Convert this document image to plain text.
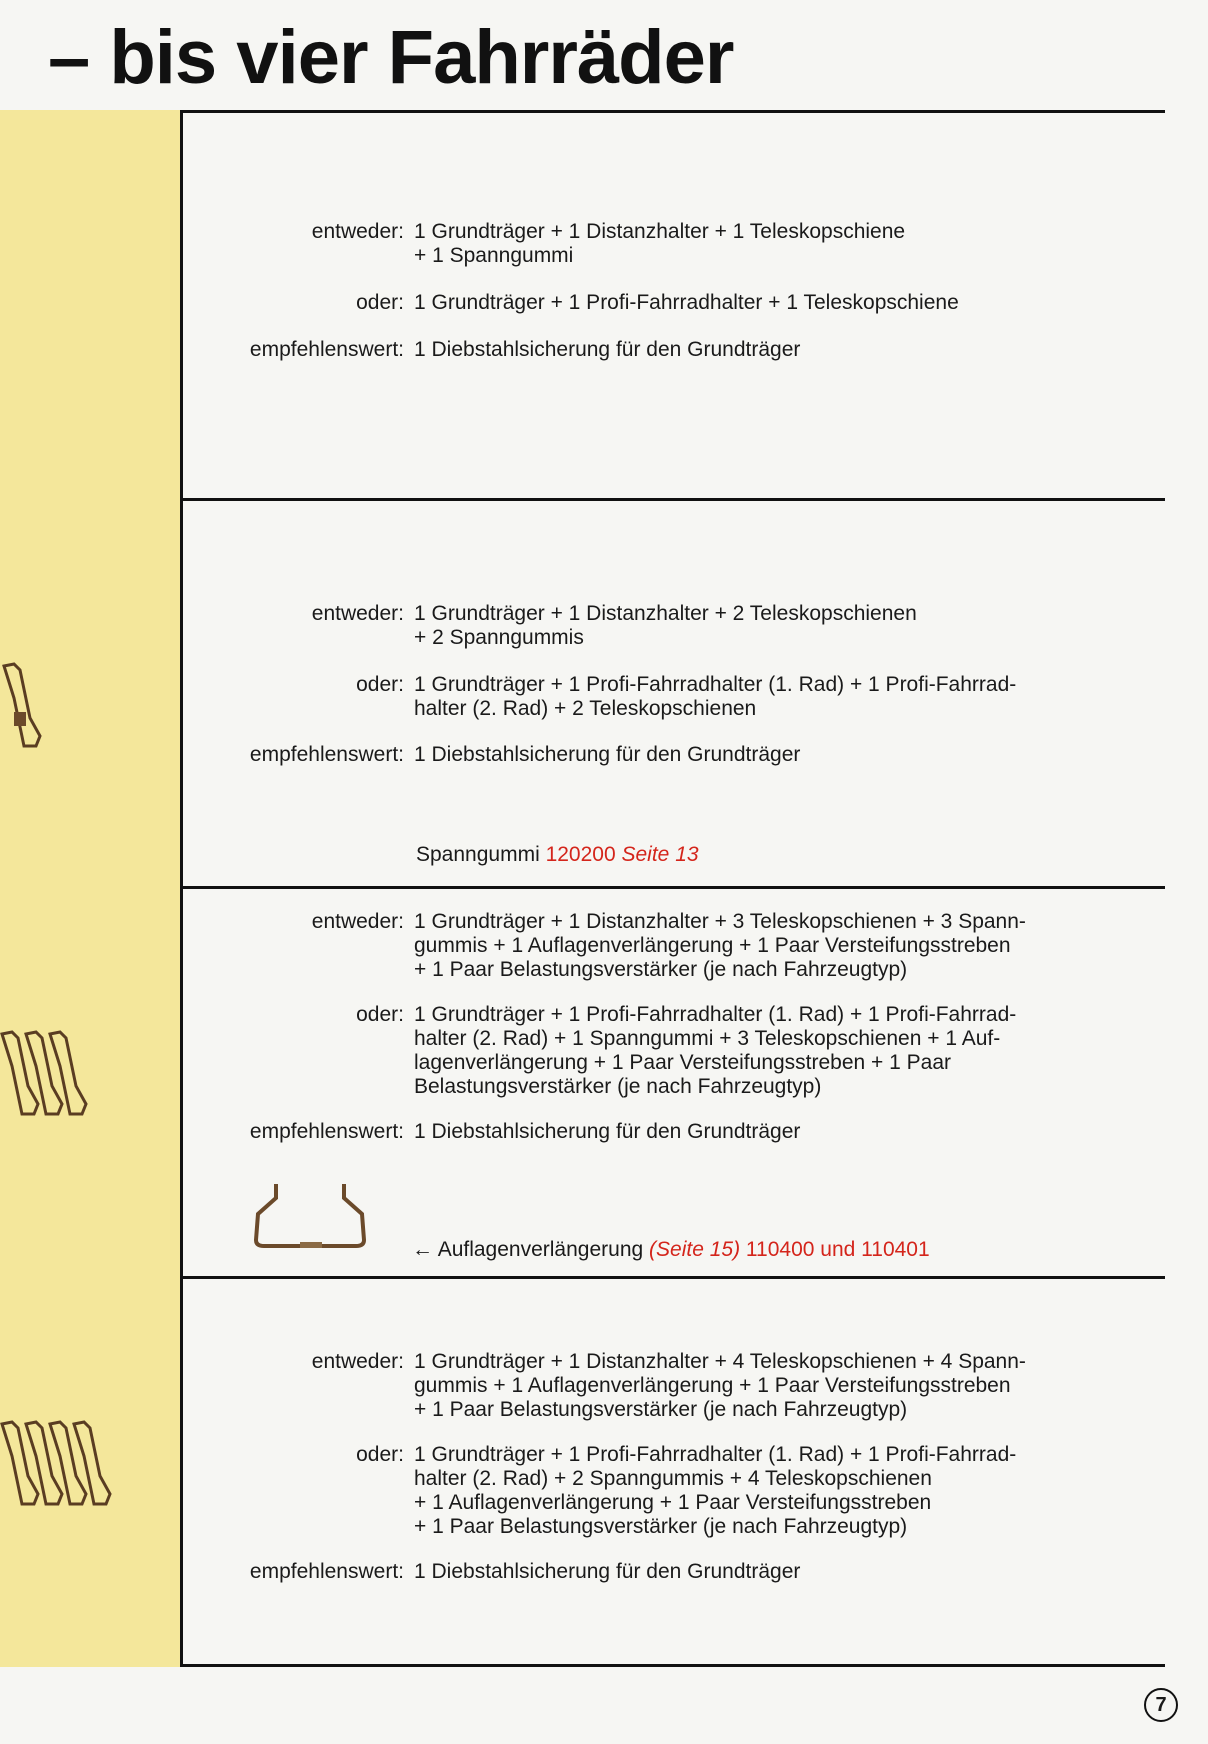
– bis vier Fahrräder
entweder: 1 Grundträger + 1 Distanzhalter + 1 Teleskopschiene
+ 1 Spanngummi
oder: 1 Grundträger + 1 Profi-Fahrradhalter + 1 Teleskopschiene
empfehlenswert: 1 Diebstahlsicherung für den Grundträger
entweder: 1 Grundträger + 1 Distanzhalter + 2 Teleskopschienen
+ 2 Spanngummis
oder: 1 Grundträger + 1 Profi-Fahrradhalter (1. Rad) + 1 Profi-Fahrrad-
halter (2. Rad) + 2 Teleskopschienen
empfehlenswert: 1 Diebstahlsicherung für den Grundträger
Spanngummi 120200 Seite 13
entweder: 1 Grundträger + 1 Distanzhalter + 3 Teleskopschienen + 3 Spann-
gummis + 1 Auflagenverlängerung + 1 Paar Versteifungsstreben
+ 1 Paar Belastungsverstärker (je nach Fahrzeugtyp)
oder: 1 Grundträger + 1 Profi-Fahrradhalter (1. Rad) + 1 Profi-Fahrrad-
halter (2. Rad) + 1 Spanngummi + 3 Teleskopschienen + 1 Auf-
lagenverlängerung + 1 Paar Versteifungsstreben + 1 Paar
Belastungsverstärker (je nach Fahrzeugtyp)
empfehlenswert: 1 Diebstahlsicherung für den Grundträger
← Auflagenverlängerung (Seite 15) 110400 und 110401
entweder: 1 Grundträger + 1 Distanzhalter + 4 Teleskopschienen + 4 Spann-
gummis + 1 Auflagenverlängerung + 1 Paar Versteifungsstreben
+ 1 Paar Belastungsverstärker (je nach Fahrzeugtyp)
oder: 1 Grundträger + 1 Profi-Fahrradhalter (1. Rad) + 1 Profi-Fahrrad-
halter (2. Rad) + 2 Spanngummis + 4 Teleskopschienen
+ 1 Auflagenverlängerung + 1 Paar Versteifungsstreben
+ 1 Paar Belastungsverstärker (je nach Fahrzeugtyp)
empfehlenswert: 1 Diebstahlsicherung für den Grundträger
7
